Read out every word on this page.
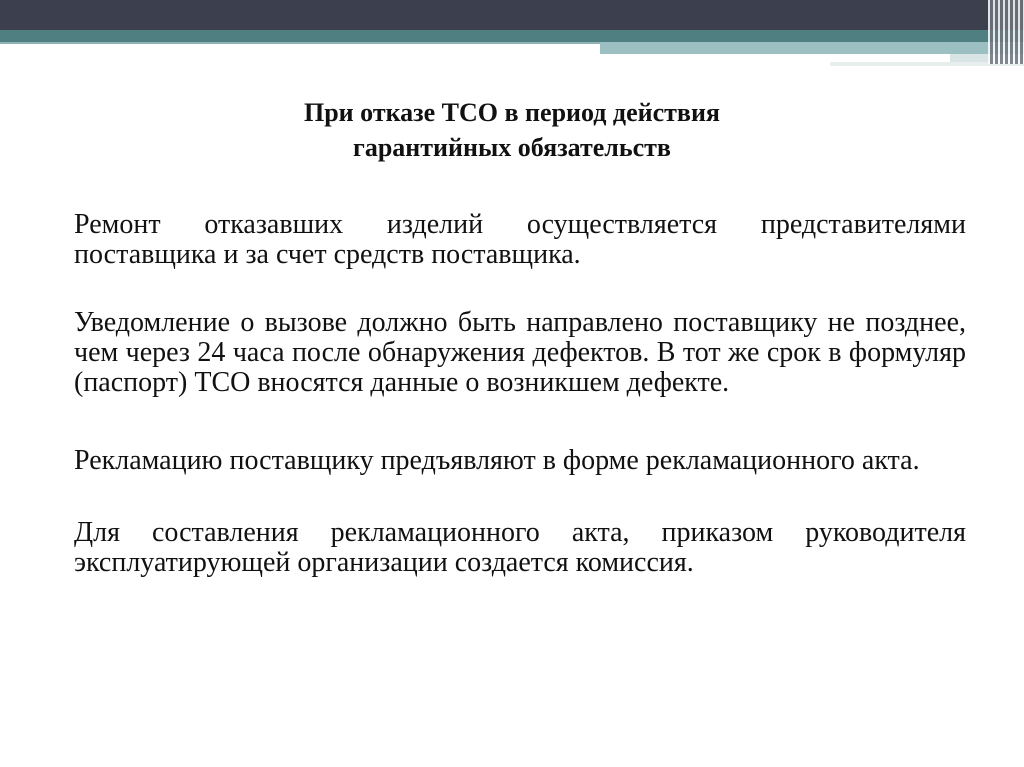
При отказе ТСО в период действия
гарантийных обязательств

Ремонт отказавших изделий осуществляется представителями поставщика и за счет средств поставщика.

Уведомление о вызове должно быть направлено поставщику не позднее, чем через 24 часа после обнаружения дефектов. В тот же срок в формуляр (паспорт) ТСО вносятся данные о возникшем дефекте.

Рекламацию поставщику предъявляют в форме рекламационного акта.

Для составления рекламационного акта, приказом руководителя эксплуатирующей организации создается комиссия.
